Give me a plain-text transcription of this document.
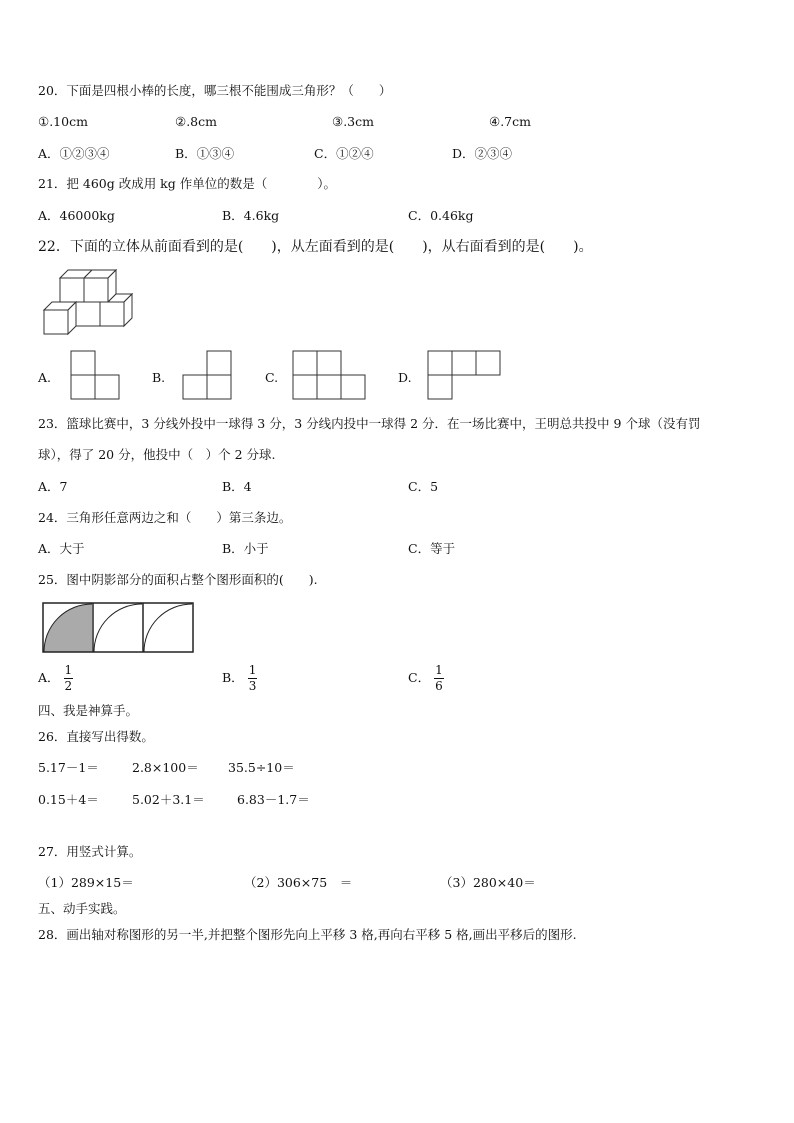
20．下面是四根小棒的长度，哪三根不能围成三角形？（　　）
①.10cm	②.8cm	③.3cm	④.7cm
A．①②③④	B．①③④	C．①②④	D．②③④
21．把 460g 改成用 kg 作单位的数是（　　　　）。
A．46000kg	B．4.6kg	C．0.46kg
22．下面的立体从前面看到的是(　　)，从左面看到的是(　　)，从右面看到的是(　　)。
A.	B.	C.	D.
23．篮球比赛中，3 分线外投中一球得 3 分，3 分线内投中一球得 2 分．在一场比赛中，王明总共投中 9 个球（没有罚
球），得了 20 分，他投中（　）个 2 分球.
A．7	B．4	C．5
24．三角形任意两边之和（　　）第三条边。
A．大于	B．小于	C．等于
25．图中阴影部分的面积占整个图形面积的(　　).
A． $\frac{1}{2}$	B． $\frac{1}{3}$	C． $\frac{1}{6}$
四、我是神算手。
26．直接写出得数。
5.17－1＝	2.8×100＝ 35.5÷10＝
0.15＋4＝	5.02＋3.1＝	6.83－1.7＝
27．用竖式计算。
（1）289×15＝	（2）306×75　＝	（3）280×40＝
五、动手实践。
28．画出轴对称图形的另一半,并把整个图形先向上平移 3 格,再向右平移 5 格,画出平移后的图形.
